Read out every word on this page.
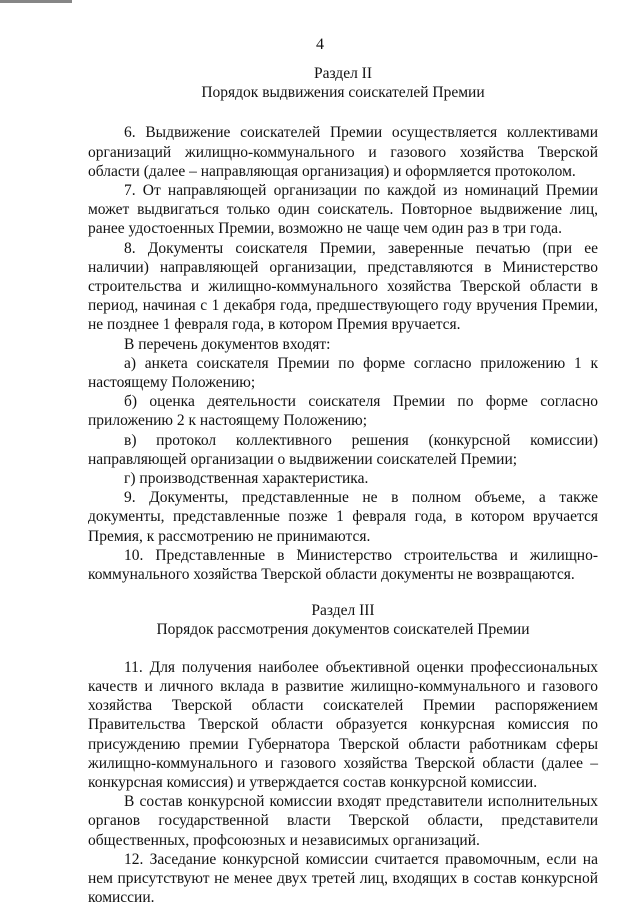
4

Раздел II

Порядок выдвижения соискателей Премии

6. Выдвижение соискателей Премии осуществляется коллективами организаций жилищно-коммунального и газового хозяйства Тверской области (далее – направляющая организация) и оформляется протоколом.

7. От направляющей организации по каждой из номинаций Премии может выдвигаться только один соискатель. Повторное выдвижение лиц, ранее удостоенных Премии, возможно не чаще чем один раз в три года.

8. Документы соискателя Премии, заверенные печатью (при ее наличии) направляющей организации, представляются в Министерство строительства и жилищно-коммунального хозяйства Тверской области в период, начиная с 1 декабря года, предшествующего году вручения Премии, не позднее 1 февраля года, в котором Премия вручается.

В перечень документов входят:

а) анкета соискателя Премии по форме согласно приложению 1 к настоящему Положению;

б) оценка деятельности соискателя Премии по форме согласно приложению 2 к настоящему Положению;

в) протокол коллективного решения (конкурсной комиссии) направляющей организации о выдвижении соискателей Премии;

г) производственная характеристика.

9. Документы, представленные не в полном объеме, а также документы, представленные позже 1 февраля года, в котором вручается Премия, к рассмотрению не принимаются.

10. Представленные в Министерство строительства и жилищно-коммунального хозяйства Тверской области документы не возвращаются.

Раздел III

Порядок рассмотрения документов соискателей Премии

11. Для получения наиболее объективной оценки профессиональных качеств и личного вклада в развитие жилищно-коммунального и газового хозяйства Тверской области соискателей Премии распоряжением Правительства Тверской области образуется конкурсная комиссия по присуждению премии Губернатора Тверской области работникам сферы жилищно-коммунального и газового хозяйства Тверской области (далее – конкурсная комиссия) и утверждается состав конкурсной комиссии.

В состав конкурсной комиссии входят представители исполнительных органов государственной власти Тверской области, представители общественных, профсоюзных и независимых организаций.

12. Заседание конкурсной комиссии считается правомочным, если на нем присутствуют не менее двух третей лиц, входящих в состав конкурсной комиссии.
